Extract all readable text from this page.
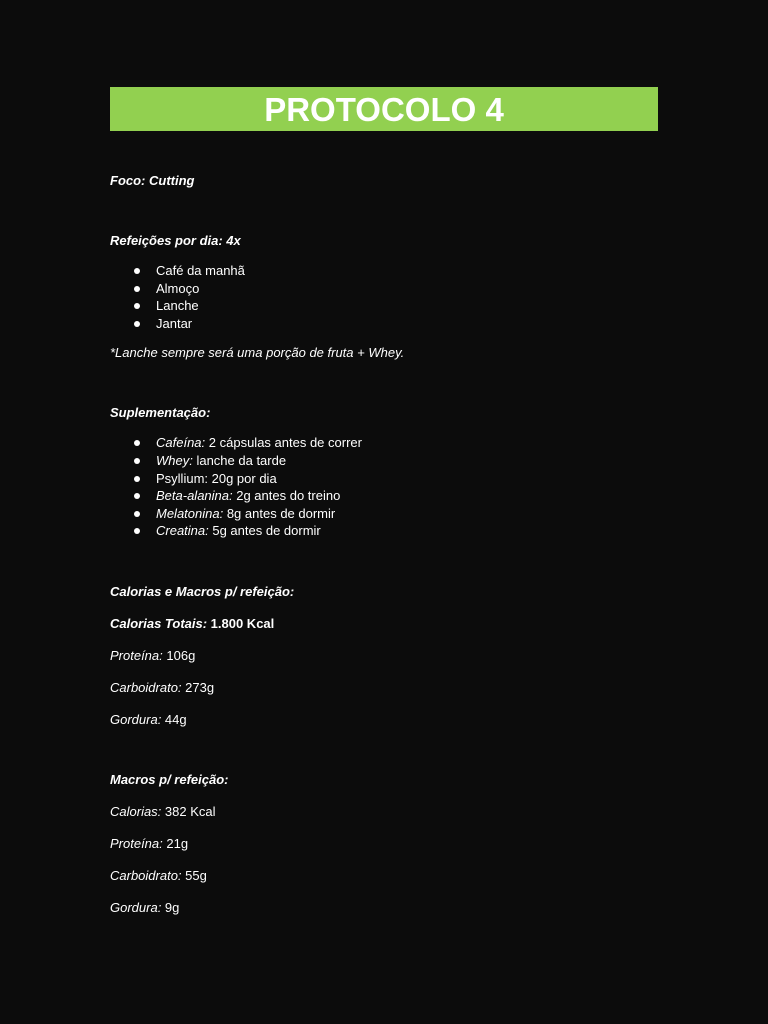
PROTOCOLO 4

Foco: Cutting

Refeições por dia: 4x

Café da manhã
Almoço
Lanche
Jantar

*Lanche sempre será uma porção de fruta + Whey.

Suplementação:

Cafeína: 2 cápsulas antes de correr
Whey: lanche da tarde
Psyllium: 20g por dia
Beta-alanina: 2g antes do treino
Melatonina: 8g antes de dormir
Creatina: 5g antes de dormir

Calorias e Macros p/ refeição:

Calorias Totais: 1.800 Kcal

Proteína: 106g

Carboidrato: 273g

Gordura: 44g

Macros p/ refeição:

Calorias: 382 Kcal

Proteína: 21g

Carboidrato: 55g

Gordura: 9g
